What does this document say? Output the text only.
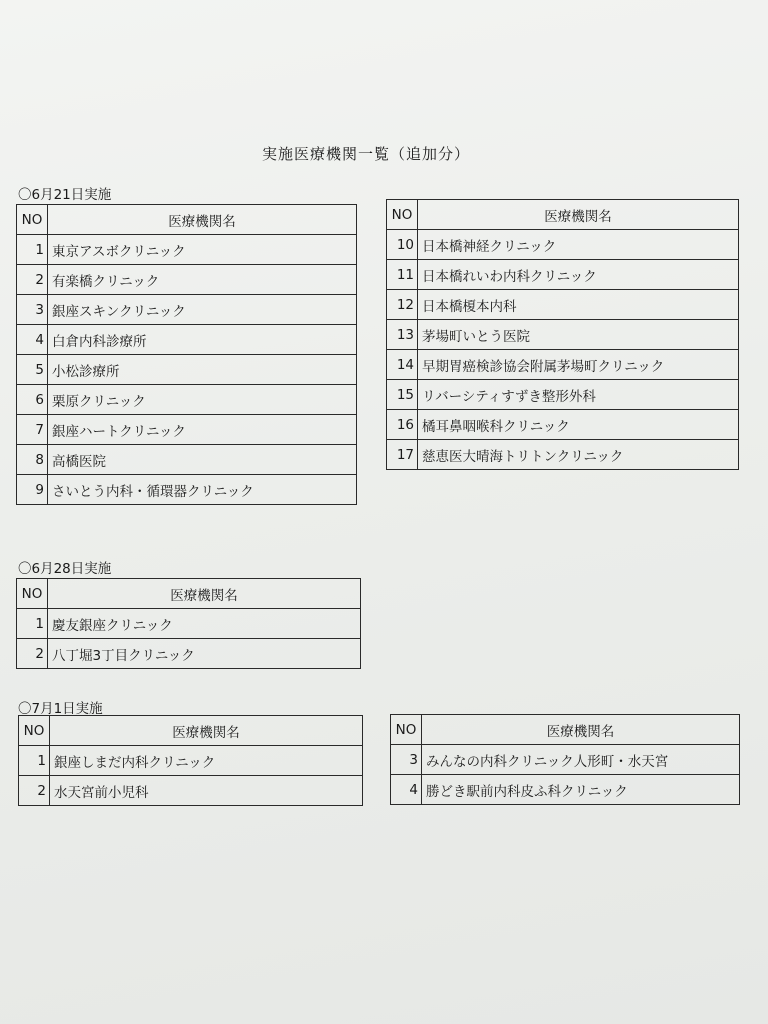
実施医療機関一覧（追加分）
〇6月21日実施
NO	医療機関名
1	東京アスボクリニック
2	有楽橋クリニック
3	銀座スキンクリニック
4	白倉内科診療所
5	小松診療所
6	栗原クリニック
7	銀座ハートクリニック
8	高橋医院
9	さいとう内科・循環器クリニック
NO	医療機関名
10	日本橋神経クリニック
11	日本橋れいわ内科クリニック
12	日本橋榎本内科
13	茅場町いとう医院
14	早期胃癌検診協会附属茅場町クリニック
15	リバーシティすずき整形外科
16	橘耳鼻咽喉科クリニック
17	慈恵医大晴海トリトンクリニック
〇6月28日実施
NO	医療機関名
1	慶友銀座クリニック
2	八丁堀3丁目クリニック
〇7月1日実施
NO	医療機関名
1	銀座しまだ内科クリニック
2	水天宮前小児科
NO	医療機関名
3	みんなの内科クリニック人形町・水天宮
4	勝どき駅前内科皮ふ科クリニック
